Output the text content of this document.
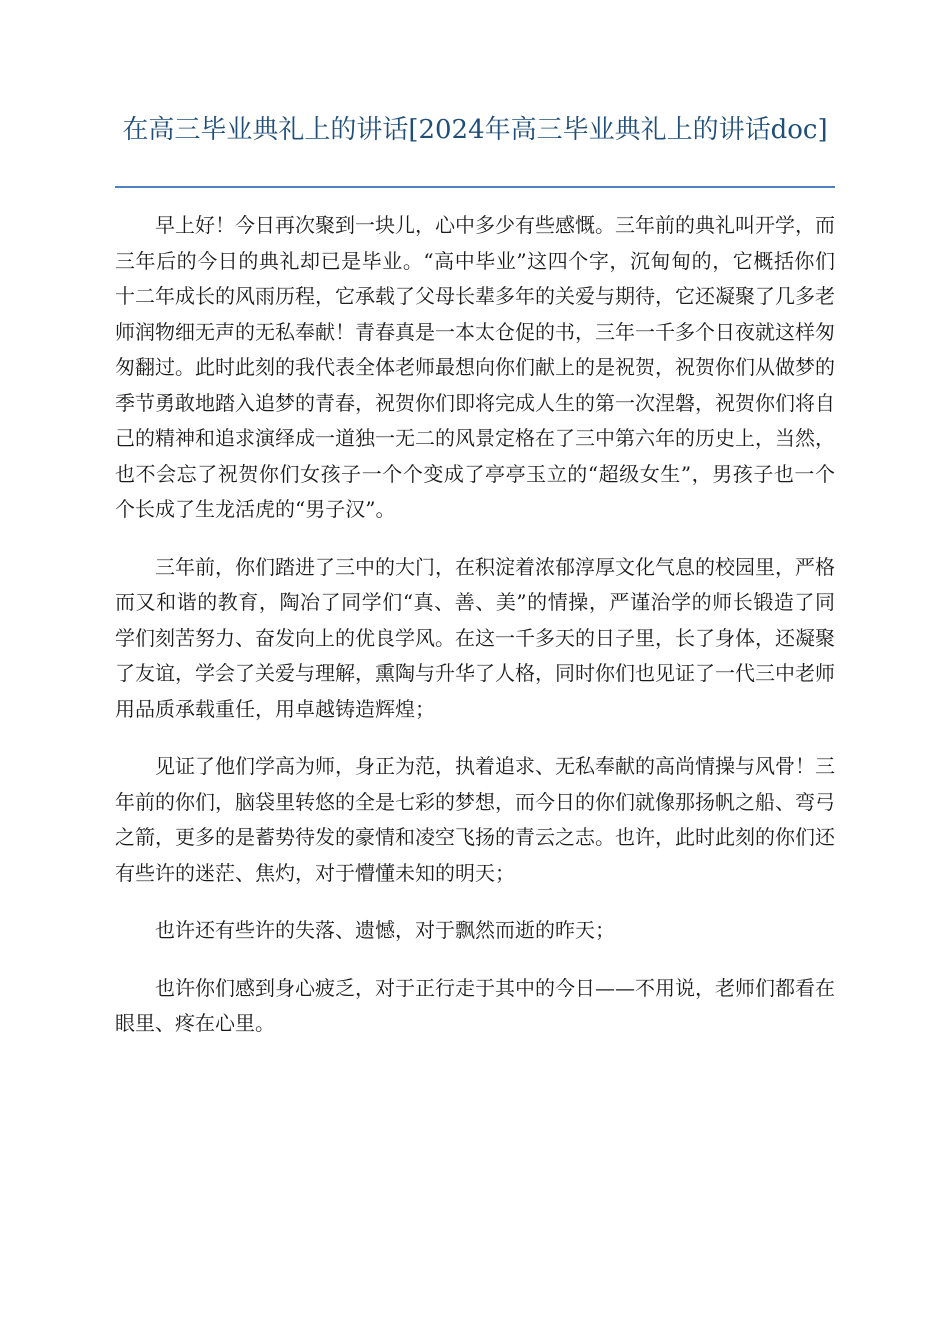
在高三毕业典礼上的讲话[2024年高三毕业典礼上的讲话doc]

早上好！今日再次聚到一块儿，心中多少有些感慨。三年前的典礼叫开学，而三年后的今日的典礼却已是毕业。“高中毕业”这四个字，沉甸甸的，它概括你们十二年成长的风雨历程，它承载了父母长辈多年的关爱与期待，它还凝聚了几多老师润物细无声的无私奉献！青春真是一本太仓促的书，三年一千多个日夜就这样匆匆翻过。此时此刻的我代表全体老师最想向你们献上的是祝贺，祝贺你们从做梦的季节勇敢地踏入追梦的青春，祝贺你们即将完成人生的第一次涅磐，祝贺你们将自己的精神和追求演绎成一道独一无二的风景定格在了三中第六年的历史上，当然，也不会忘了祝贺你们女孩子一个个变成了亭亭玉立的“超级女生”，男孩子也一个个长成了生龙活虎的“男子汉”。

三年前，你们踏进了三中的大门，在积淀着浓郁淳厚文化气息的校园里，严格而又和谐的教育，陶冶了同学们“真、善、美”的情操，严谨治学的师长锻造了同学们刻苦努力、奋发向上的优良学风。在这一千多天的日子里，长了身体，还凝聚了友谊，学会了关爱与理解，熏陶与升华了人格，同时你们也见证了一代三中老师用品质承载重任，用卓越铸造辉煌；

见证了他们学高为师，身正为范，执着追求、无私奉献的高尚情操与风骨！三年前的你们，脑袋里转悠的全是七彩的梦想，而今日的你们就像那扬帆之船、弯弓之箭，更多的是蓄势待发的豪情和凌空飞扬的青云之志。也许，此时此刻的你们还有些许的迷茫、焦灼，对于懵懂未知的明天；

也许还有些许的失落、遗憾，对于飘然而逝的昨天；

也许你们感到身心疲乏，对于正行走于其中的今日——不用说，老师们都看在眼里、疼在心里。
